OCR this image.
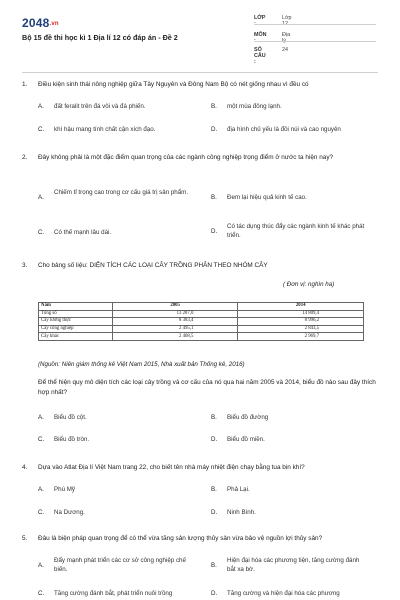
2048.vn
Bộ 15 đề thi học kì 1 Địa lí 12 có đáp án - Đề 2
LỚP :
Lớp 12
MÔN :
Địa lý
SỐ CÂU :
24
1. Điều kiện sinh thái nông nghiệp giữa Tây Nguyên và Đông Nam Bộ có nét giống nhau vì đều có
A. đất feralit trên đá vôi và đá phiến.	B. một mùa đông lạnh.
C. khí hậu mang tính chất cận xích đạo.	D. địa hình chủ yếu là đồi núi và cao nguyên
2. Đây không phải là một đặc điểm quan trọng của các ngành công nghiệp trọng điểm ở nước ta hiện nay?
A.
Chiếm tỉ trọng cao trong cơ cấu giá trị sản phẩm.
B. Đem lại hiệu quả kinh tế cao.
C. Có thế mạnh lâu dài.	D.
Có tác dụng thúc đẩy các ngành kinh tế khác phát triển.
3. Cho bảng số liệu: DIỆN TÍCH CÁC LOẠI CÂY TRỒNG PHÂN THEO NHÓM CÂY
( Đơn vị: nghìn ha)
Năm	2005	2014
Tổng số	13 287,0	14 809,4
Cây lương thực	8 383,4	8 996,2
Cây công nghiệp	2 495,1	2 843,5
Cây khác	2 408,5	2 969,7
(Nguồn: Niên giám thống kê Việt Nam 2015, Nhà xuất bản Thống kê, 2016)
Để thể hiện quy mô diện tích các loại cây trồng và cơ cấu của nó qua hai năm 2005 và 2014, biểu đồ nào sau đây thích hợp nhất?
A. Biểu đồ cột.	B. Biểu đồ đường
C. Biểu đồ tròn.	D. Biểu đồ miền.
4. Dựa vào Atlat Địa lí Việt Nam trang 22, cho biết tên nhà máy nhiệt điện chạy bằng tua bin khí?
A. Phú Mỹ	B. Phả Lại.
C. Na Dương.	D. Ninh Bình.
5. Đâu là biện pháp quan trọng để có thể vừa tăng sản lượng thủy sản vừa bảo vệ nguồn lợi thủy sản?
A.
Đẩy mạnh phát triển các cơ sở công nghiệp chế biến.
B.
Hiện đại hóa các phương tiện, tăng cường đánh bắt xa bờ.
C. Tăng cường đánh bắt, phát triển nuôi trồng	D. Tăng cường và hiện đại hóa các phương
